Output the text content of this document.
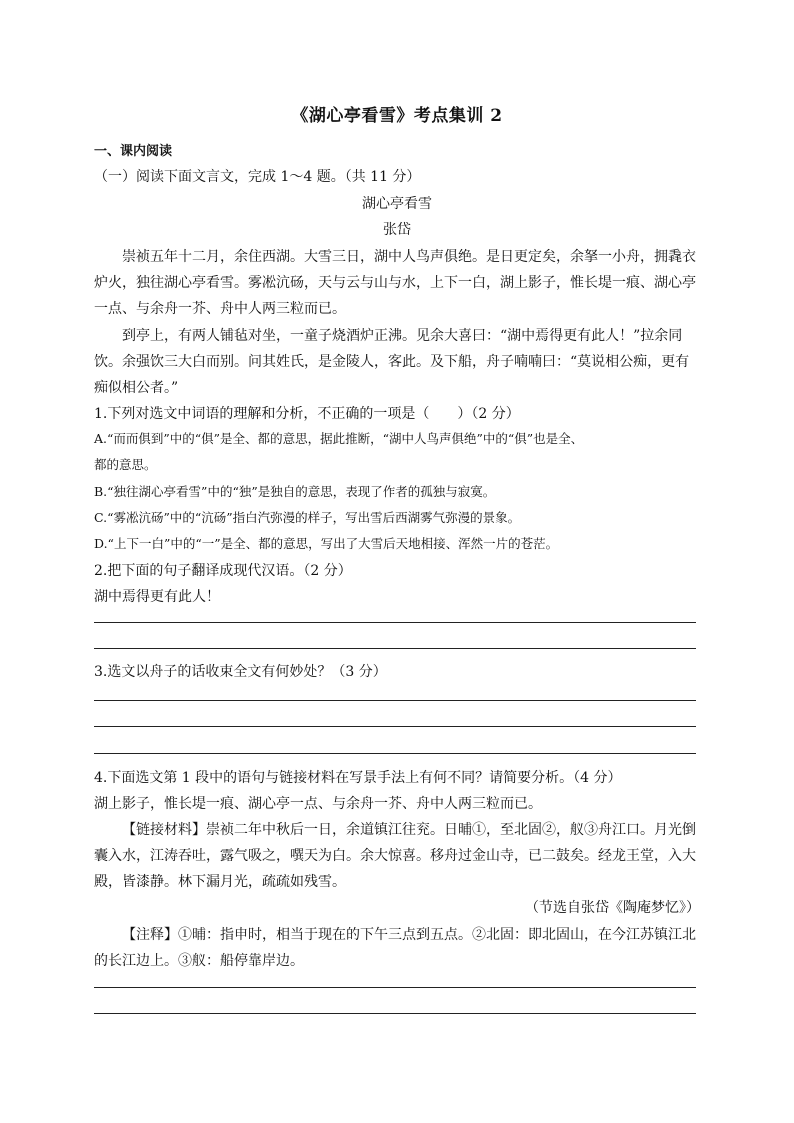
《湖心亭看雪》考点集训 2
一、课内阅读
（一）阅读下面文言文，完成 1～4 题。（共 11 分）
湖心亭看雪
张岱
崇祯五年十二月，余住西湖。大雪三日，湖中人鸟声俱绝。是日更定矣，余拏一小舟，拥毳衣
炉火，独往湖心亭看雪。雾凇沆砀，天与云与山与水，上下一白，湖上影子，惟长堤一痕、湖心亭
一点、与余舟一芥、舟中人两三粒而已。
到亭上，有两人铺毡对坐，一童子烧酒炉正沸。见余大喜曰：“湖中焉得更有此人！”拉余同
饮。余强饮三大白而别。问其姓氏，是金陵人，客此。及下船，舟子喃喃曰：“莫说相公痴，更有
痴似相公者。”
1.下列对选文中词语的理解和分析，不正确的一项是（　　）（2 分）
A.“而而俱到”中的“俱”是全、都的意思，据此推断，“湖中人鸟声俱绝”中的“俱”也是全、
都的意思。
B.“独往湖心亭看雪”中的“独”是独自的意思，表现了作者的孤独与寂寞。
C.“雾凇沆砀”中的“沆砀”指白汽弥漫的样子，写出雪后西湖雾气弥漫的景象。
D.“上下一白”中的“一”是全、都的意思，写出了大雪后天地相接、浑然一片的苍茫。
2.把下面的句子翻译成现代汉语。（2 分）
湖中焉得更有此人！
3.选文以舟子的话收束全文有何妙处？（3 分）
4.下面选文第 1 段中的语句与链接材料在写景手法上有何不同？请简要分析。（4 分）
湖上影子，惟长堤一痕、湖心亭一点、与余舟一芥、舟中人两三粒而已。
【链接材料】崇祯二年中秋后一日，余道镇江往兖。日晡①，至北固②，舣③舟江口。月光倒
囊入水，江涛吞吐，露气吸之，噀天为白。余大惊喜。移舟过金山寺，已二鼓矣。经龙王堂，入大
殿，皆漆静。林下漏月光，疏疏如残雪。
（节选自张岱《陶庵梦忆》）
【注释】①晡：指申时，相当于现在的下午三点到五点。②北固：即北固山，在今江苏镇江北
的长江边上。③舣：船停靠岸边。
